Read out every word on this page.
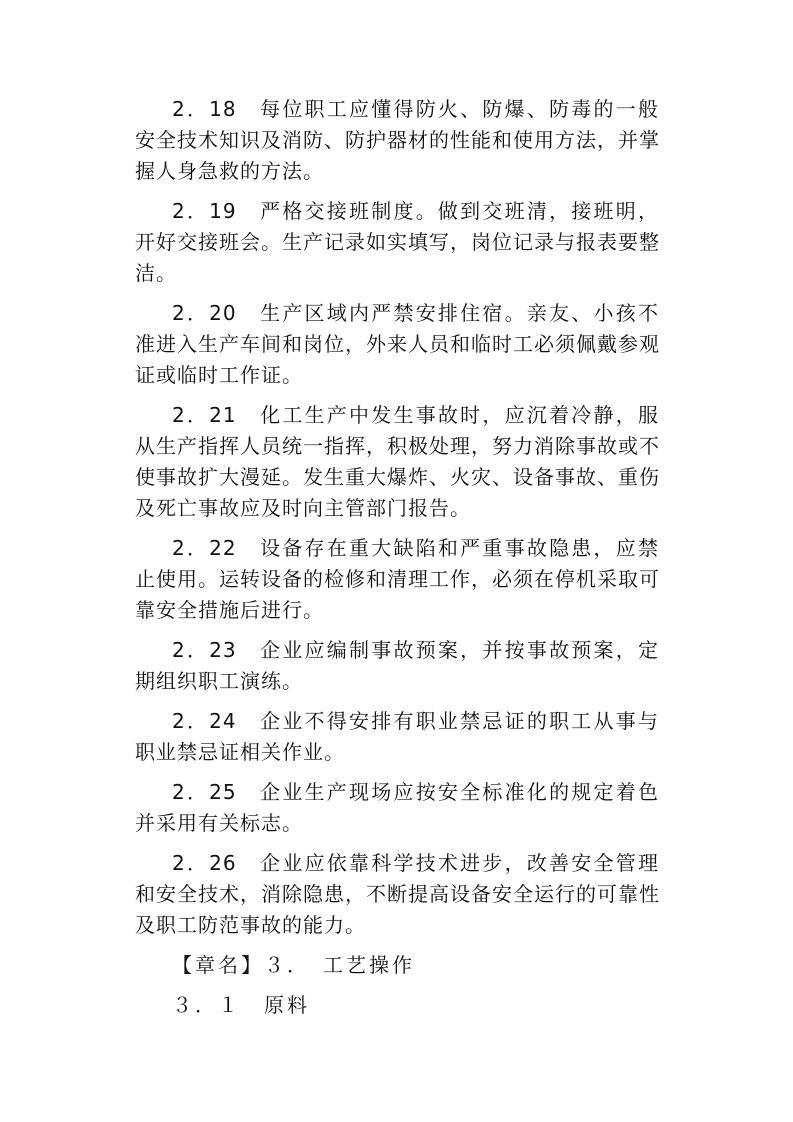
2．18　每位职工应懂得防火、防爆、防毒的一般
安全技术知识及消防、防护器材的性能和使用方法，并掌
握人身急救的方法。
2．19　严格交接班制度。做到交班清，接班明，
开好交接班会。生产记录如实填写，岗位记录与报表要整
洁。
2．20　生产区域内严禁安排住宿。亲友、小孩不
准进入生产车间和岗位，外来人员和临时工必须佩戴参观
证或临时工作证。
2．21　化工生产中发生事故时，应沉着冷静，服
从生产指挥人员统一指挥，积极处理，努力消除事故或不
使事故扩大漫延。发生重大爆炸、火灾、设备事故、重伤
及死亡事故应及时向主管部门报告。
2．22　设备存在重大缺陷和严重事故隐患，应禁
止使用。运转设备的检修和清理工作，必须在停机采取可
靠安全措施后进行。
2．23　企业应编制事故预案，并按事故预案，定
期组织职工演练。
2．24　企业不得安排有职业禁忌证的职工从事与
职业禁忌证相关作业。
2．25　企业生产现场应按安全标准化的规定着色
并采用有关标志。
2．26　企业应依靠科学技术进步，改善安全管理
和安全技术，消除隐患，不断提高设备安全运行的可靠性
及职工防范事故的能力。
【章名】３．　工艺操作
３．１　原料
